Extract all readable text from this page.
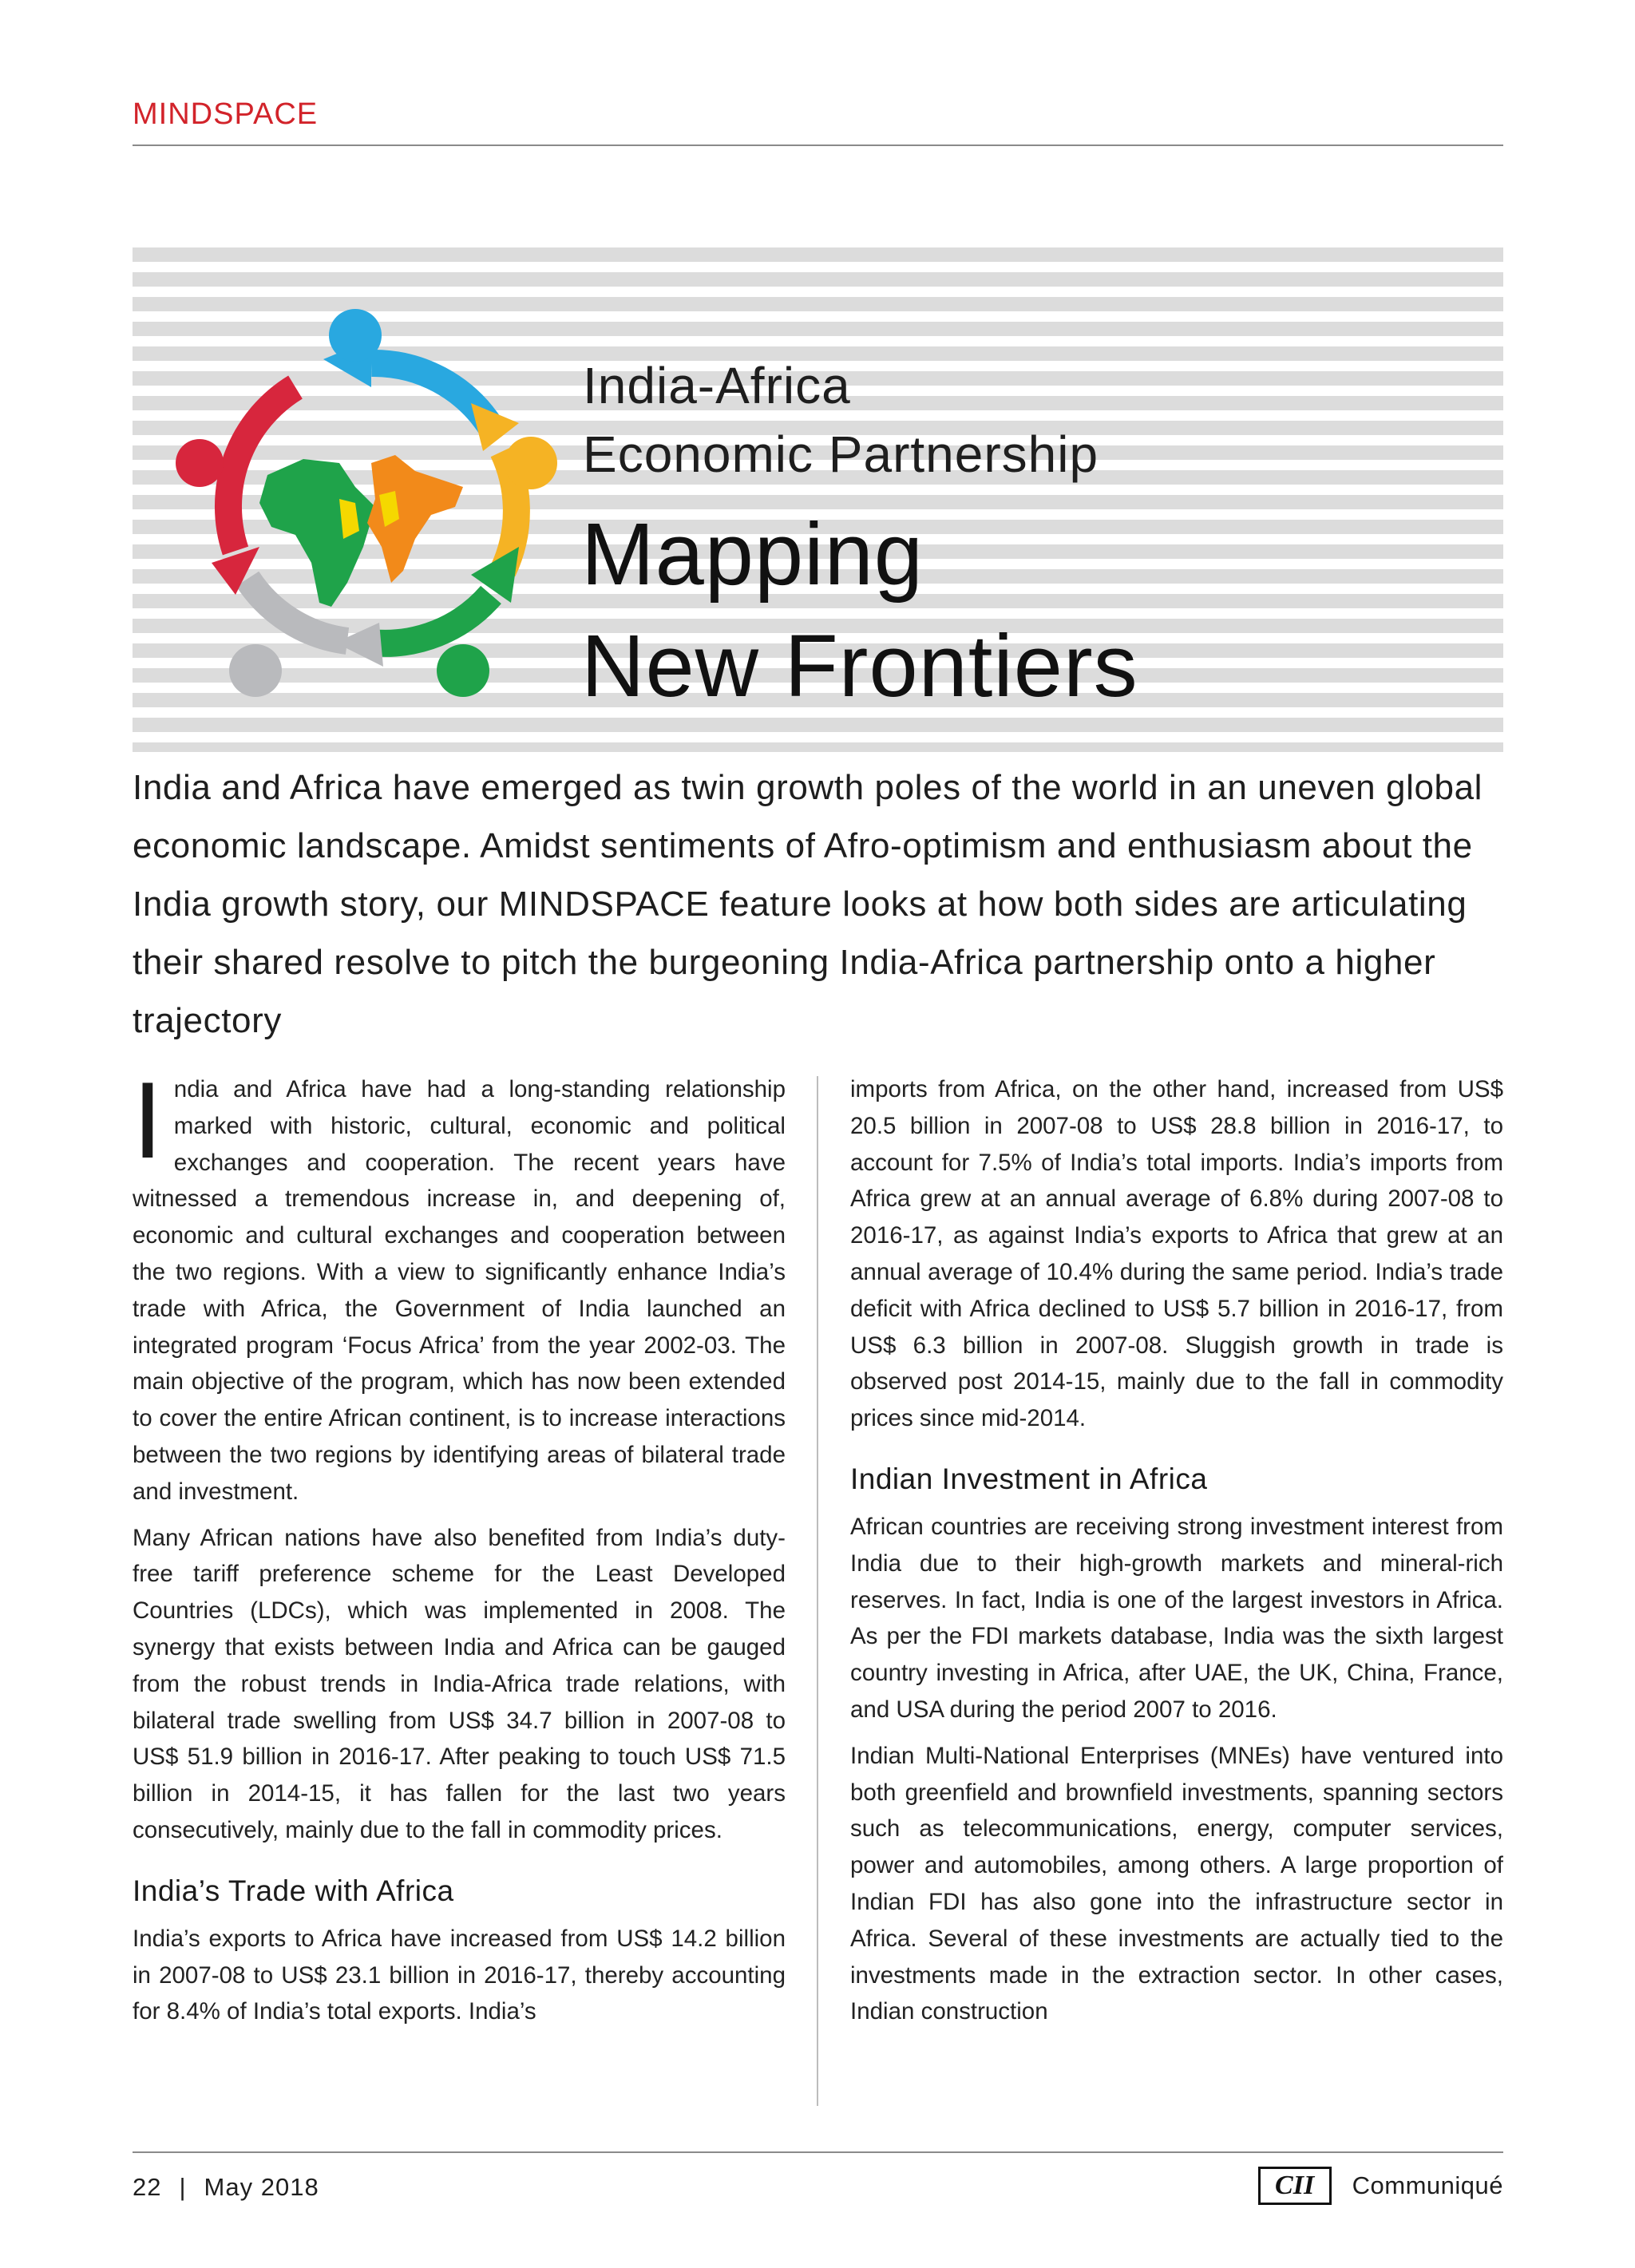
MINDSPACE
India-Africa
Economic Partnership
Mapping
New Frontiers
India and Africa have emerged as twin growth poles of the world in an uneven global economic landscape. Amidst sentiments of Afro-optimism and enthusiasm about the India growth story, our MINDSPACE feature looks at how both sides are articulating their shared resolve to pitch the burgeoning India-Africa partnership onto a higher trajectory

India and Africa have had a long-standing relationship marked with historic, cultural, economic and political exchanges and cooperation. The recent years have witnessed a tremendous increase in, and deepening of, economic and cultural exchanges and cooperation between the two regions. With a view to significantly enhance India’s trade with Africa, the Government of India launched an integrated program ‘Focus Africa’ from the year 2002-03. The main objective of the program, which has now been extended to cover the entire African continent, is to increase interactions between the two regions by identifying areas of bilateral trade and investment.

Many African nations have also benefited from India’s duty-free tariff preference scheme for the Least Developed Countries (LDCs), which was implemented in 2008. The synergy that exists between India and Africa can be gauged from the robust trends in India-Africa trade relations, with bilateral trade swelling from US$ 34.7 billion in 2007-08 to US$ 51.9 billion in 2016-17. After peaking to touch US$ 71.5 billion in 2014-15, it has fallen for the last two years consecutively, mainly due to the fall in commodity prices.

India’s Trade with Africa

India’s exports to Africa have increased from US$ 14.2 billion in 2007-08 to US$ 23.1 billion in 2016-17, thereby accounting for 8.4% of India’s total exports. India’s

imports from Africa, on the other hand, increased from US$ 20.5 billion in 2007-08 to US$ 28.8 billion in 2016-17, to account for 7.5% of India’s total imports. India’s imports from Africa grew at an annual average of 6.8% during 2007-08 to 2016-17, as against India’s exports to Africa that grew at an annual average of 10.4% during the same period. India’s trade deficit with Africa declined to US$ 5.7 billion in 2016-17, from US$ 6.3 billion in 2007-08. Sluggish growth in trade is observed post 2014-15, mainly due to the fall in commodity prices since mid-2014.

Indian Investment in Africa

African countries are receiving strong investment interest from India due to their high-growth markets and mineral-rich reserves. In fact, India is one of the largest investors in Africa. As per the FDI markets database, India was the sixth largest country investing in Africa, after UAE, the UK, China, France, and USA during the period 2007 to 2016.

Indian Multi-National Enterprises (MNEs) have ventured into both greenfield and brownfield investments, spanning sectors such as telecommunications, energy, computer services, power and automobiles, among others. A large proportion of Indian FDI has also gone into the infrastructure sector in Africa. Several of these investments are actually tied to the investments made in the extraction sector. In other cases, Indian construction

22 | May 2018	CII	Communiqué
